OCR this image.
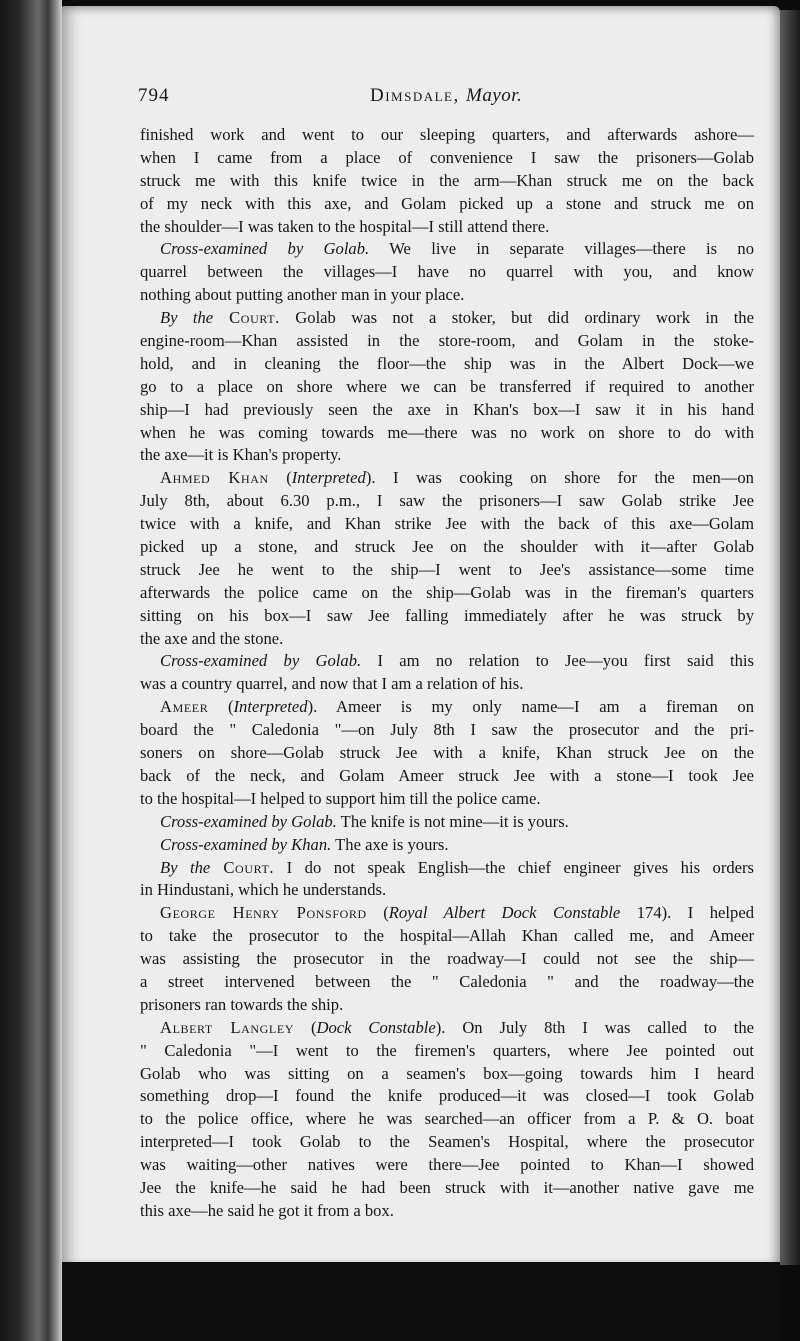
794	Dimsdale, Mayor.
finished work and went to our sleeping quarters, and afterwards ashore—
when I came from a place of convenience I saw the prisoners—Golab
struck me with this knife twice in the arm—Khan struck me on the back
of my neck with this axe, and Golam picked up a stone and struck me on
the shoulder—I was taken to the hospital—I still attend there.
Cross-examined by Golab. We live in separate villages—there is no
quarrel between the villages—I have no quarrel with you, and know
nothing about putting another man in your place.
By the Court. Golab was not a stoker, but did ordinary work in the
engine-room—Khan assisted in the store-room, and Golam in the stoke-
hold, and in cleaning the floor—the ship was in the Albert Dock—we
go to a place on shore where we can be transferred if required to another
ship—I had previously seen the axe in Khan's box—I saw it in his hand
when he was coming towards me—there was no work on shore to do with
the axe—it is Khan's property.
Ahmed Khan (Interpreted). I was cooking on shore for the men—on
July 8th, about 6.30 p.m., I saw the prisoners—I saw Golab strike Jee
twice with a knife, and Khan strike Jee with the back of this axe—Golam
picked up a stone, and struck Jee on the shoulder with it—after Golab
struck Jee he went to the ship—I went to Jee's assistance—some time
afterwards the police came on the ship—Golab was in the fireman's quarters
sitting on his box—I saw Jee falling immediately after he was struck by
the axe and the stone.
Cross-examined by Golab. I am no relation to Jee—you first said this
was a country quarrel, and now that I am a relation of his.
Ameer (Interpreted). Ameer is my only name—I am a fireman on
board the " Caledonia "—on July 8th I saw the prosecutor and the pri-
soners on shore—Golab struck Jee with a knife, Khan struck Jee on the
back of the neck, and Golam Ameer struck Jee with a stone—I took Jee
to the hospital—I helped to support him till the police came.
Cross-examined by Golab. The knife is not mine—it is yours.
Cross-examined by Khan. The axe is yours.
By the Court. I do not speak English—the chief engineer gives his orders
in Hindustani, which he understands.
George Henry Ponsford (Royal Albert Dock Constable 174). I helped
to take the prosecutor to the hospital—Allah Khan called me, and Ameer
was assisting the prosecutor in the roadway—I could not see the ship—
a street intervened between the " Caledonia " and the roadway—the
prisoners ran towards the ship.
Albert Langley (Dock Constable). On July 8th I was called to the
" Caledonia "—I went to the firemen's quarters, where Jee pointed out
Golab who was sitting on a seamen's box—going towards him I heard
something drop—I found the knife produced—it was closed—I took Golab
to the police office, where he was searched—an officer from a P. & O. boat
interpreted—I took Golab to the Seamen's Hospital, where the prosecutor
was waiting—other natives were there—Jee pointed to Khan—I showed
Jee the knife—he said he had been struck with it—another native gave me
this axe—he said he got it from a box.
